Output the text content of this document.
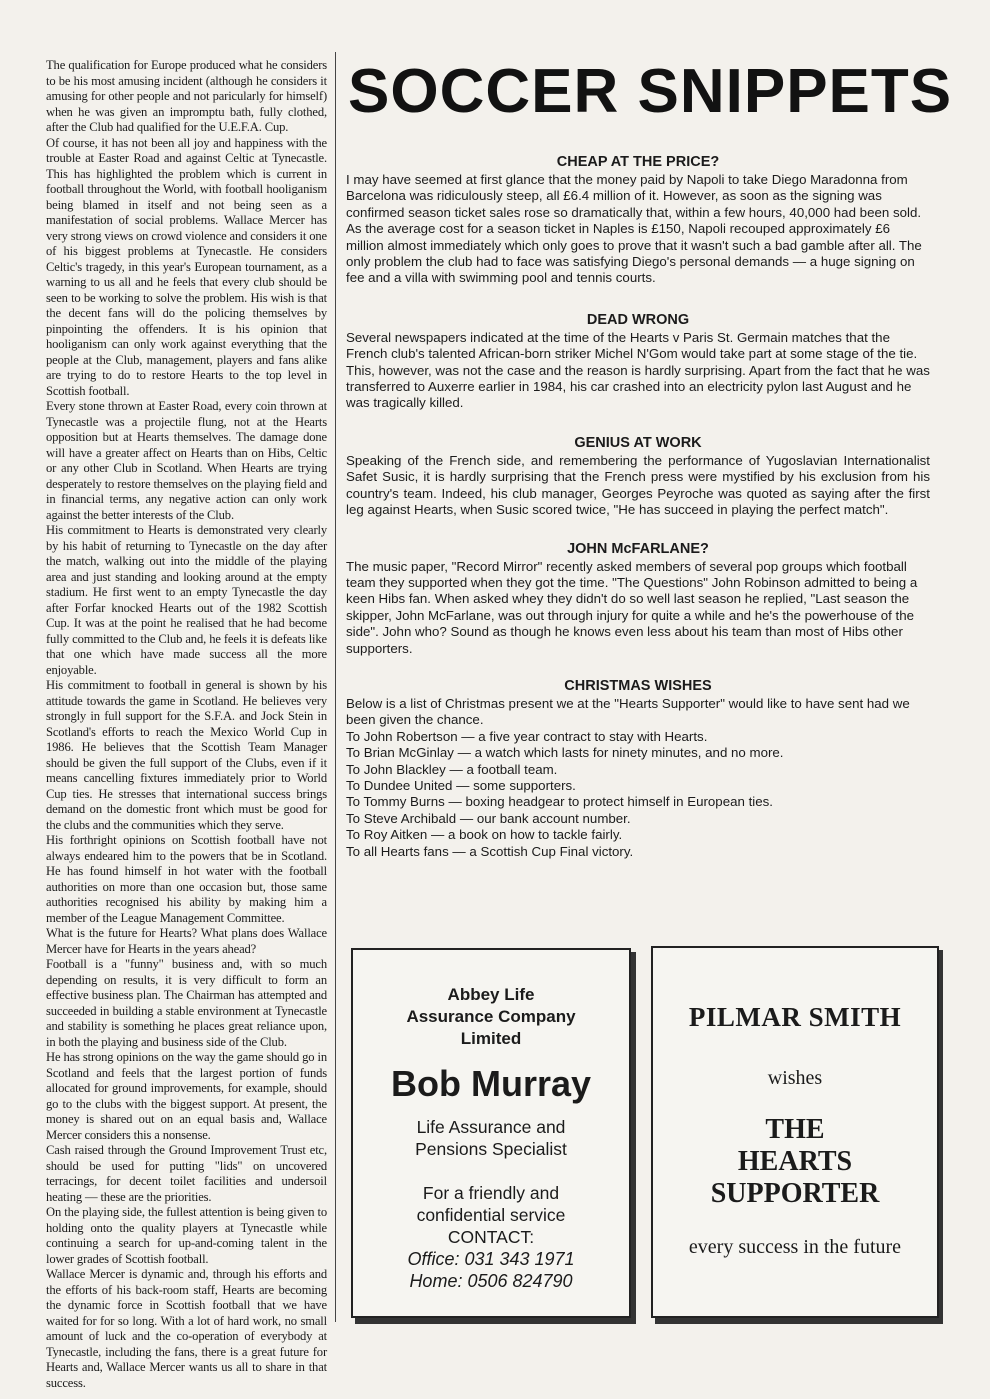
The qualification for Europe produced what he considers to be his most amusing incident (although he considers it amusing for other people and not paricularly for himself) when he was given an impromptu bath, fully clothed, after the Club had qualified for the U.E.F.A. Cup.

Of course, it has not been all joy and happiness with the trouble at Easter Road and against Celtic at Tynecastle. This has highlighted the problem which is current in football throughout the World, with football hooliganism being blamed in itself and not being seen as a manifestation of social problems. Wallace Mercer has very strong views on crowd violence and considers it one of his biggest problems at Tynecastle. He considers Celtic's tragedy, in this year's European tournament, as a warning to us all and he feels that every club should be seen to be working to solve the problem. His wish is that the decent fans will do the policing themselves by pinpointing the offenders. It is his opinion that hooliganism can only work against everything that the people at the Club, management, players and fans alike are trying to do to restore Hearts to the top level in Scottish football.

Every stone thrown at Easter Road, every coin thrown at Tynecastle was a projectile flung, not at the Hearts opposition but at Hearts themselves. The damage done will have a greater affect on Hearts than on Hibs, Celtic or any other Club in Scotland. When Hearts are trying desperately to restore themselves on the playing field and in financial terms, any negative action can only work against the better interests of the Club.

His commitment to Hearts is demonstrated very clearly by his habit of returning to Tynecastle on the day after the match, walking out into the middle of the playing area and just standing and looking around at the empty stadium. He first went to an empty Tynecastle the day after Forfar knocked Hearts out of the 1982 Scottish Cup. It was at the point he realised that he had become fully committed to the Club and, he feels it is defeats like that one which have made success all the more enjoyable.

His commitment to football in general is shown by his attitude towards the game in Scotland. He believes very strongly in full support for the S.F.A. and Jock Stein in Scotland's efforts to reach the Mexico World Cup in 1986. He believes that the Scottish Team Manager should be given the full support of the Clubs, even if it means cancelling fixtures immediately prior to World Cup ties. He stresses that international success brings demand on the domestic front which must be good for the clubs and the communities which they serve.

His forthright opinions on Scottish football have not always endeared him to the powers that be in Scotland. He has found himself in hot water with the football authorities on more than one occasion but, those same authorities recognised his ability by making him a member of the League Management Committee.

What is the future for Hearts? What plans does Wallace Mercer have for Hearts in the years ahead?

Football is a "funny" business and, with so much depending on results, it is very difficult to form an effective business plan. The Chairman has attempted and succeeded in building a stable environment at Tynecastle and stability is something he places great reliance upon, in both the playing and business side of the Club.

He has strong opinions on the way the game should go in Scotland and feels that the largest portion of funds allocated for ground improvements, for example, should go to the clubs with the biggest support. At present, the money is shared out on an equal basis and, Wallace Mercer considers this a nonsense.

Cash raised through the Ground Improvement Trust etc, should be used for putting "lids" on uncovered terracings, for decent toilet facilities and undersoil heating — these are the priorities.

On the playing side, the fullest attention is being given to holding onto the quality players at Tynecastle while continuing a search for up-and-coming talent in the lower grades of Scottish football.

Wallace Mercer is dynamic and, through his efforts and the efforts of his back-room staff, Hearts are becoming the dynamic force in Scottish football that we have waited for for so long. With a lot of hard work, no small amount of luck and the co-operation of everybody at Tynecastle, including the fans, there is a great future for Hearts and, Wallace Mercer wants us all to share in that success.

SOCCER SNIPPETS
CHEAP AT THE PRICE?

I may have seemed at first glance that the money paid by Napoli to take Diego Maradonna from Barcelona was ridiculously steep, all £6.4 million of it. However, as soon as the signing was confirmed season ticket sales rose so dramatically that, within a few hours, 40,000 had been sold. As the average cost for a season ticket in Naples is £150, Napoli recouped approximately £6 million almost immediately which only goes to prove that it wasn't such a bad gamble after all. The only problem the club had to face was satisfying Diego's personal demands — a huge signing on fee and a villa with swimming pool and tennis courts.

DEAD WRONG

Several newspapers indicated at the time of the Hearts v Paris St. Germain matches that the French club's talented African-born striker Michel N'Gom would take part at some stage of the tie. This, however, was not the case and the reason is hardly surprising. Apart from the fact that he was transferred to Auxerre earlier in 1984, his car crashed into an electricity pylon last August and he was tragically killed.

GENIUS AT WORK

Speaking of the French side, and remembering the performance of Yugoslavian Internationalist Safet Susic, it is hardly surprising that the French press were mystified by his exclusion from his country's team. Indeed, his club manager, Georges Peyroche was quoted as saying after the first leg against Hearts, when Susic scored twice, "He has succeed in playing the perfect match".

JOHN McFARLANE?

The music paper, "Record Mirror" recently asked members of several pop groups which football team they supported when they got the time. "The Questions" John Robinson admitted to being a keen Hibs fan. When asked whey they didn't do so well last season he replied, "Last season the skipper, John McFarlane, was out through injury for quite a while and he's the powerhouse of the side". John who? Sound as though he knows even less about his team than most of Hibs other supporters.

CHRISTMAS WISHES

Below is a list of Christmas present we at the "Hearts Supporter" would like to have sent had we been given the chance.

To John Robertson — a five year contract to stay with Hearts.
To Brian McGinlay — a watch which lasts for ninety minutes, and no more.
To John Blackley — a football team.
To Dundee United — some supporters.
To Tommy Burns — boxing headgear to protect himself in European ties.
To Steve Archibald — our bank account number.
To Roy Aitken — a book on how to tackle fairly.
To all Hearts fans — a Scottish Cup Final victory.
Abbey Life
Assurance Company
Limited
Bob Murray
Life Assurance and
Pensions Specialist
For a friendly and
confidential service
CONTACT:
Office: 031 343 1971
Home: 0506 824790
PILMAR SMITH
wishes
THE
HEARTS
SUPPORTER
every success in the future
